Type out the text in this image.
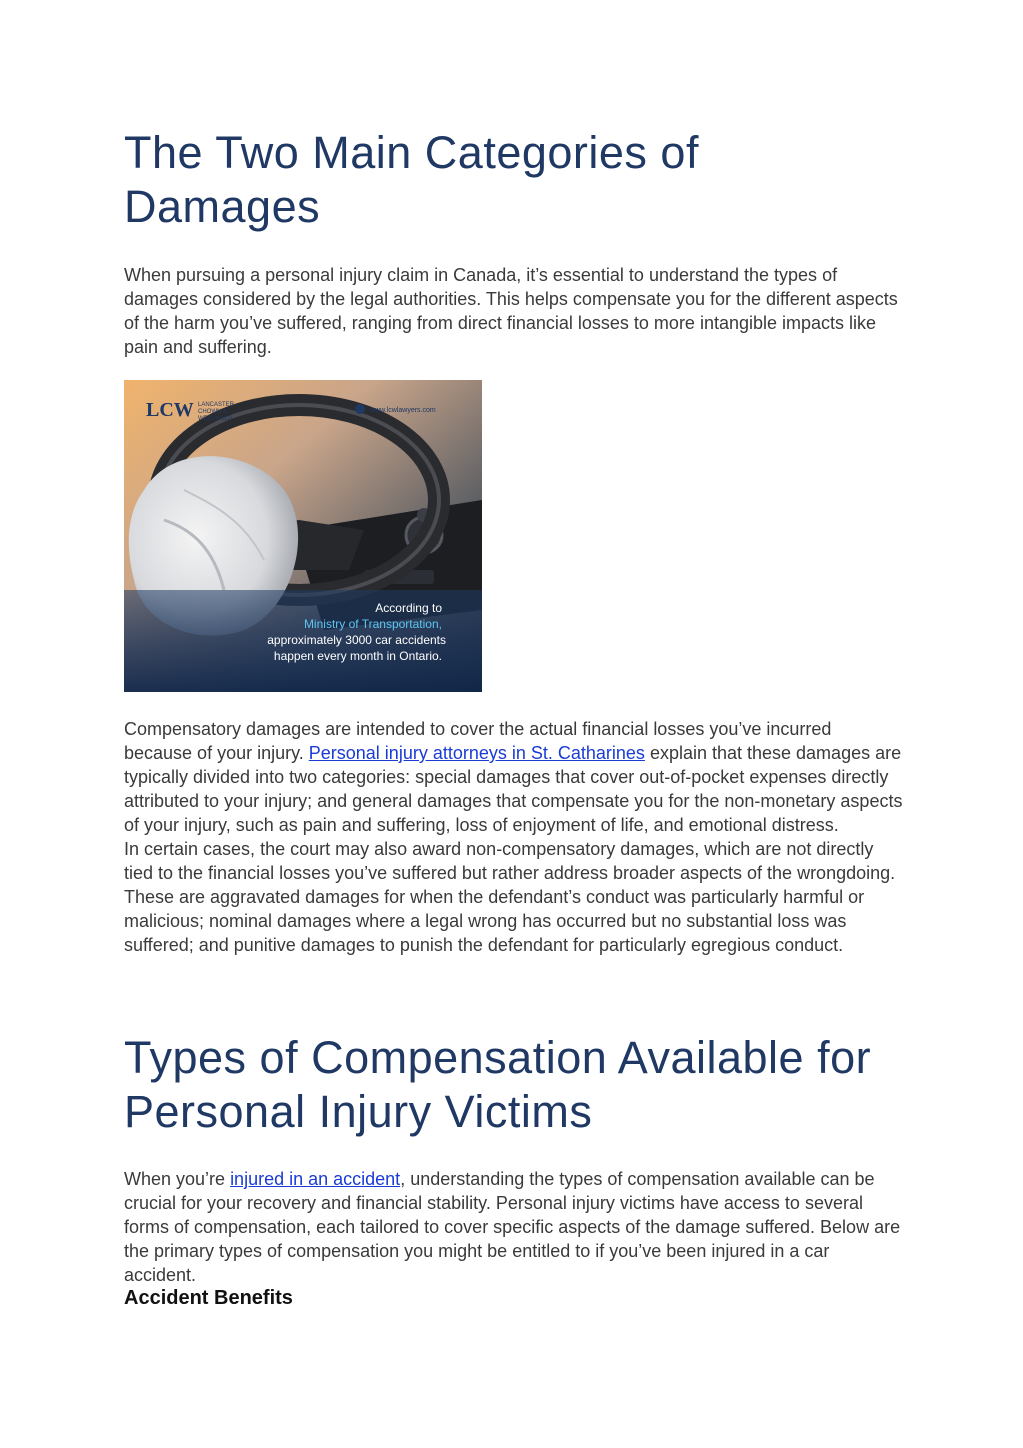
The Two Main Categories of Damages

When pursuing a personal injury claim in Canada, it’s essential to understand the types of damages considered by the legal authorities. This helps compensate you for the different aspects of the harm you’ve suffered, ranging from direct financial losses to more intangible impacts like pain and suffering.

Compensatory damages are intended to cover the actual financial losses you’ve incurred because of your injury. Personal injury attorneys in St. Catharines explain that these damages are typically divided into two categories: special damages that cover out-of-pocket expenses directly attributed to your injury; and general damages that compensate you for the non-monetary aspects of your injury, such as pain and suffering, loss of enjoyment of life, and emotional distress.
In certain cases, the court may also award non-compensatory damages, which are not directly tied to the financial losses you’ve suffered but rather address broader aspects of the wrongdoing. These are aggravated damages for when the defendant’s conduct was particularly harmful or malicious; nominal damages where a legal wrong has occurred but no substantial loss was suffered; and punitive damages to punish the defendant for particularly egregious conduct.

Types of Compensation Available for Personal Injury Victims

When you’re injured in an accident, understanding the types of compensation available can be crucial for your recovery and financial stability. Personal injury victims have access to several forms of compensation, each tailored to cover specific aspects of the damage suffered. Below are the primary types of compensation you might be entitled to if you’ve been injured in a car accident.

Accident Benefits

LCW LANCASTER
CHOWN &
WELCH LLP
www.lcwlawyers.com
According to
Ministry of Transportation,
approximately 3000 car accidents
happen every month in Ontario.
